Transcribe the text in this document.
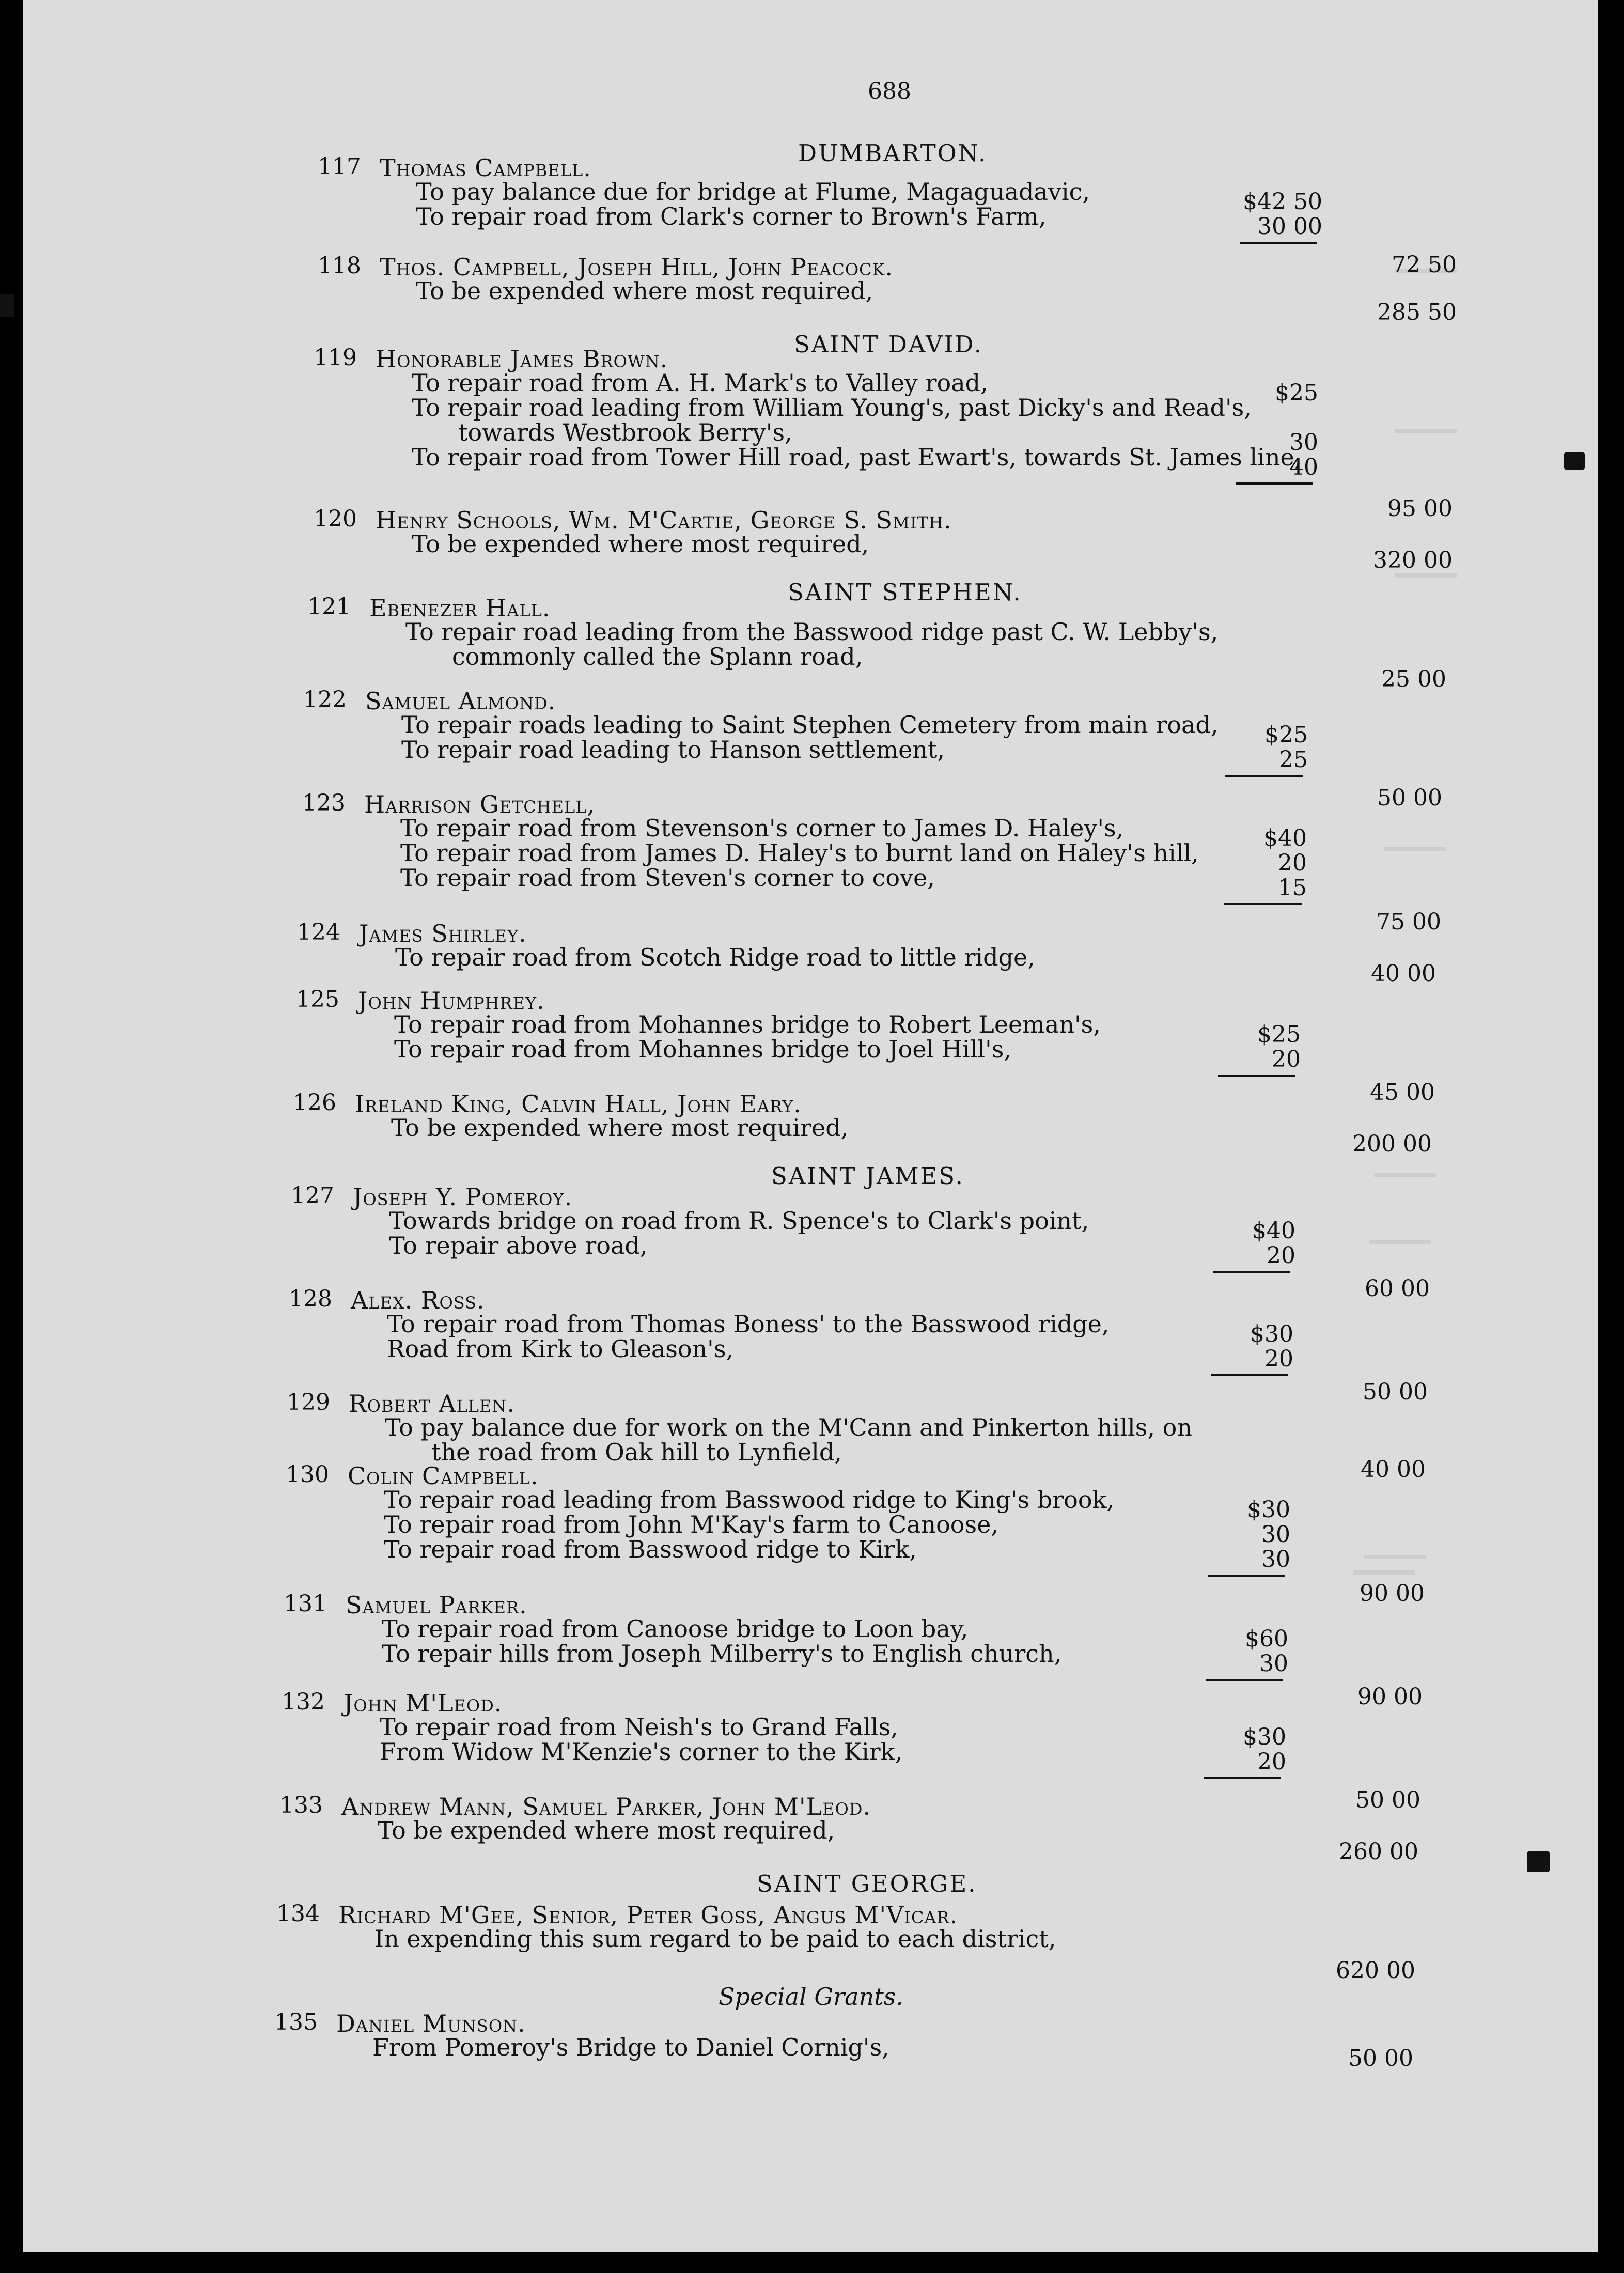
688
DUMBARTON.
117 Thomas Campbell.
To pay balance due for bridge at Flume, Magaguadavic,	$42 50
To repair road from Clark's corner to Brown's Farm,	30 00
72 50
118 Thos. Campbell, Joseph Hill, John Peacock.
To be expended where most required,
285 50
SAINT DAVID.
119 Honorable James Brown.
To repair road from A. H. Mark's to Valley road,	$25
To repair road leading from William Young's, past Dicky's and Read's,
towards Westbrook Berry's,	30
To repair road from Tower Hill road, past Ewart's, towards St. James line,
40
95 00
120 Henry Schools, Wm. M'Cartie, George S. Smith.
To be expended where most required,
320 00
SAINT STEPHEN.
121 Ebenezer Hall.
To repair road leading from the Basswood ridge past C. W. Lebby's,
commonly called the Splann road,
25 00
122 Samuel Almond.
To repair roads leading to Saint Stephen Cemetery from main road,	$25
To repair road leading to Hanson settlement,	25
50 00
123 Harrison Getchell,
To repair road from Stevenson's corner to James D. Haley's,	$40
To repair road from James D. Haley's to burnt land on Haley's hill,	20
To repair road from Steven's corner to cove,	15
75 00
124 James Shirley.
To repair road from Scotch Ridge road to little ridge,
40 00
125 John Humphrey.
To repair road from Mohannes bridge to Robert Leeman's,	$25
To repair road from Mohannes bridge to Joel Hill's,	20
45 00
126 Ireland King, Calvin Hall, John Eary.
To be expended where most required,
200 00
SAINT JAMES.
127 Joseph Y. Pomeroy.
Towards bridge on road from R. Spence's to Clark's point,	$40
To repair above road,	20
60 00
128 Alex. Ross.
To repair road from Thomas Boness' to the Basswood ridge,	$30
Road from Kirk to Gleason's,	20
50 00
129 Robert Allen.
To pay balance due for work on the M'Cann and Pinkerton hills, on
the road from Oak hill to Lynfield,
40 00
130 Colin Campbell.
To repair road leading from Basswood ridge to King's brook,	$30
To repair road from John M'Kay's farm to Canoose,	30
To repair road from Basswood ridge to Kirk,	30
90 00
131 Samuel Parker.
To repair road from Canoose bridge to Loon bay,	$60
To repair hills from Joseph Milberry's to English church,	30
90 00
132 John M'Leod.
To repair road from Neish's to Grand Falls,	$30
From Widow M'Kenzie's corner to the Kirk,	20
50 00
133 Andrew Mann, Samuel Parker, John M'Leod.
To be expended where most required,
260 00
SAINT GEORGE.
134 Richard M'Gee, Senior, Peter Goss, Angus M'Vicar.
In expending this sum regard to be paid to each district,
620 00
Special Grants.
135 Daniel Munson.
From Pomeroy's Bridge to Daniel Cornig's,	50 00
